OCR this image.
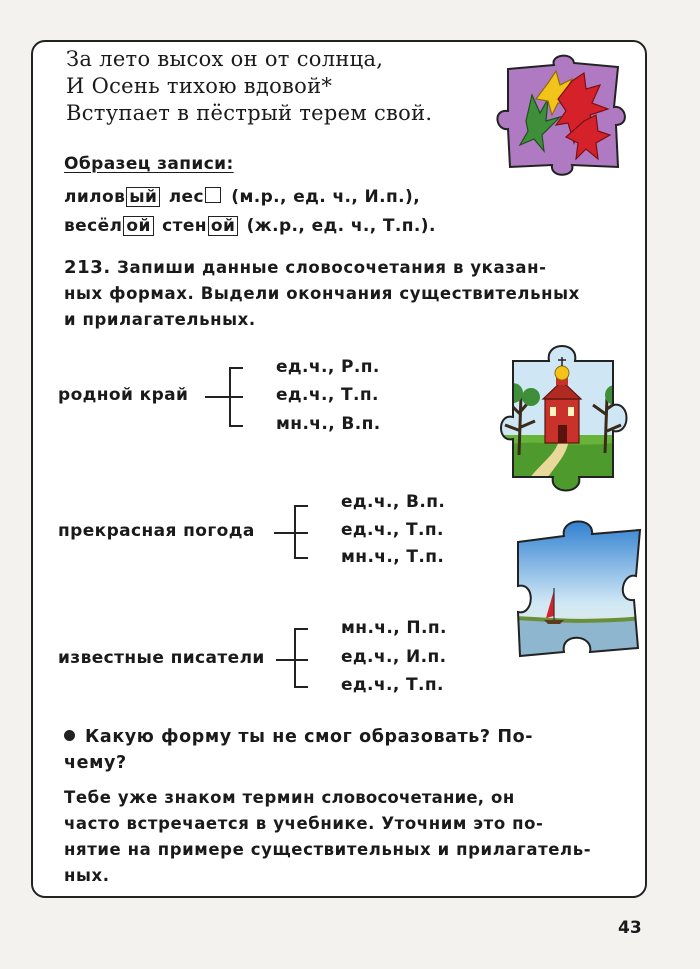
За лето высох он от солнца,
И Осень тихою вдовой*
Вступает в пёстрый терем свой.
Образец записи:
лилов ый лес (м.р., ед. ч., И.п.),
весёл ой стен ой (ж.р., ед. ч., Т.п.).
213. Запиши данные словосочетания в указан-
ных формах. Выдели окончания существительных
и прилагательных.
родной край
ед.ч., Р.п.
ед.ч., Т.п.
мн.ч., В.п.
прекрасная погода
ед.ч., В.п.
ед.ч., Т.п.
мн.ч., Т.п.
известные писатели
мн.ч., П.п.
ед.ч., И.п.
ед.ч., Т.п.
Какую форму ты не смог образовать? По-
чему?
Тебе уже знаком термин словосочетание, он
часто встречается в учебнике. Уточним это по-
нятие на примере существительных и прилагатель-
ных.
43
